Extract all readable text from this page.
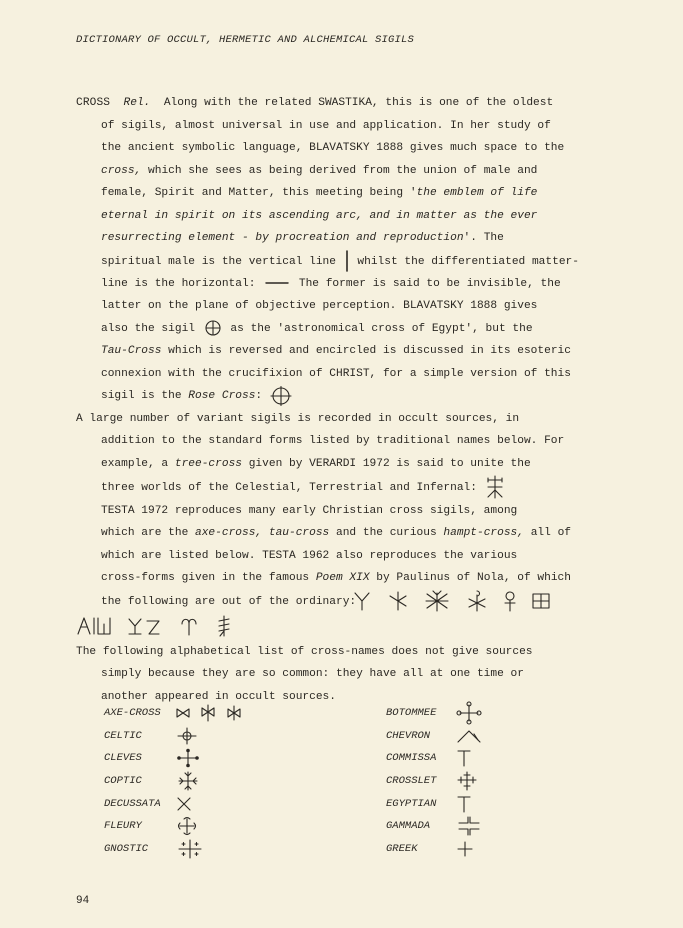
DICTIONARY OF OCCULT, HERMETIC AND ALCHEMICAL SIGILS

CROSS Rel. Along with the related SWASTIKA, this is one of the oldest
of sigils, almost universal in use and application. In her study of
the ancient symbolic language, BLAVATSKY 1888 gives much space to the
cross, which she sees as being derived from the union of male and
female, Spirit and Matter, this meeting being 'the emblem of life
eternal in spirit on its ascending arc, and in matter as the ever
resurrecting element - by procreation and reproduction'. The
spiritual male is the vertical line  whilst the differentiated matter-
line is the horizontal:	The former is said to be invisible, the
latter on the plane of objective perception. BLAVATSKY 1888 gives
also the sigil	as the 'astronomical cross of Egypt', but the
Tau-Cross which is reversed and encircled is discussed in its esoteric
connexion with the crucifixion of CHRIST, for a simple version of this
sigil is the Rose Cross:

A large number of variant sigils is recorded in occult sources, in
addition to the standard forms listed by traditional names below. For
example, a tree-cross given by VERARDI 1972 is said to unite the
three worlds of the Celestial, Terrestrial and Infernal:
TESTA 1972 reproduces many early Christian cross sigils, among
which are the axe-cross, tau-cross and the curious hampt-cross, all of
which are listed below. TESTA 1962 also reproduces the various
cross-forms given in the famous Poem XIX by Paulinus of Nola, of which
the following are out of the ordinary:

The following alphabetical list of cross-names does not give sources
simply because they are so common: they have all at one time or
another appeared in occult sources.

AXE-CROSS
CELTIC
CLEVES
COPTIC
DECUSSATA
FLEURY
GNOSTIC
BOTOMMEE
CHEVRON
COMMISSA
CROSSLET
EGYPTIAN
GAMMADA
GREEK
94
